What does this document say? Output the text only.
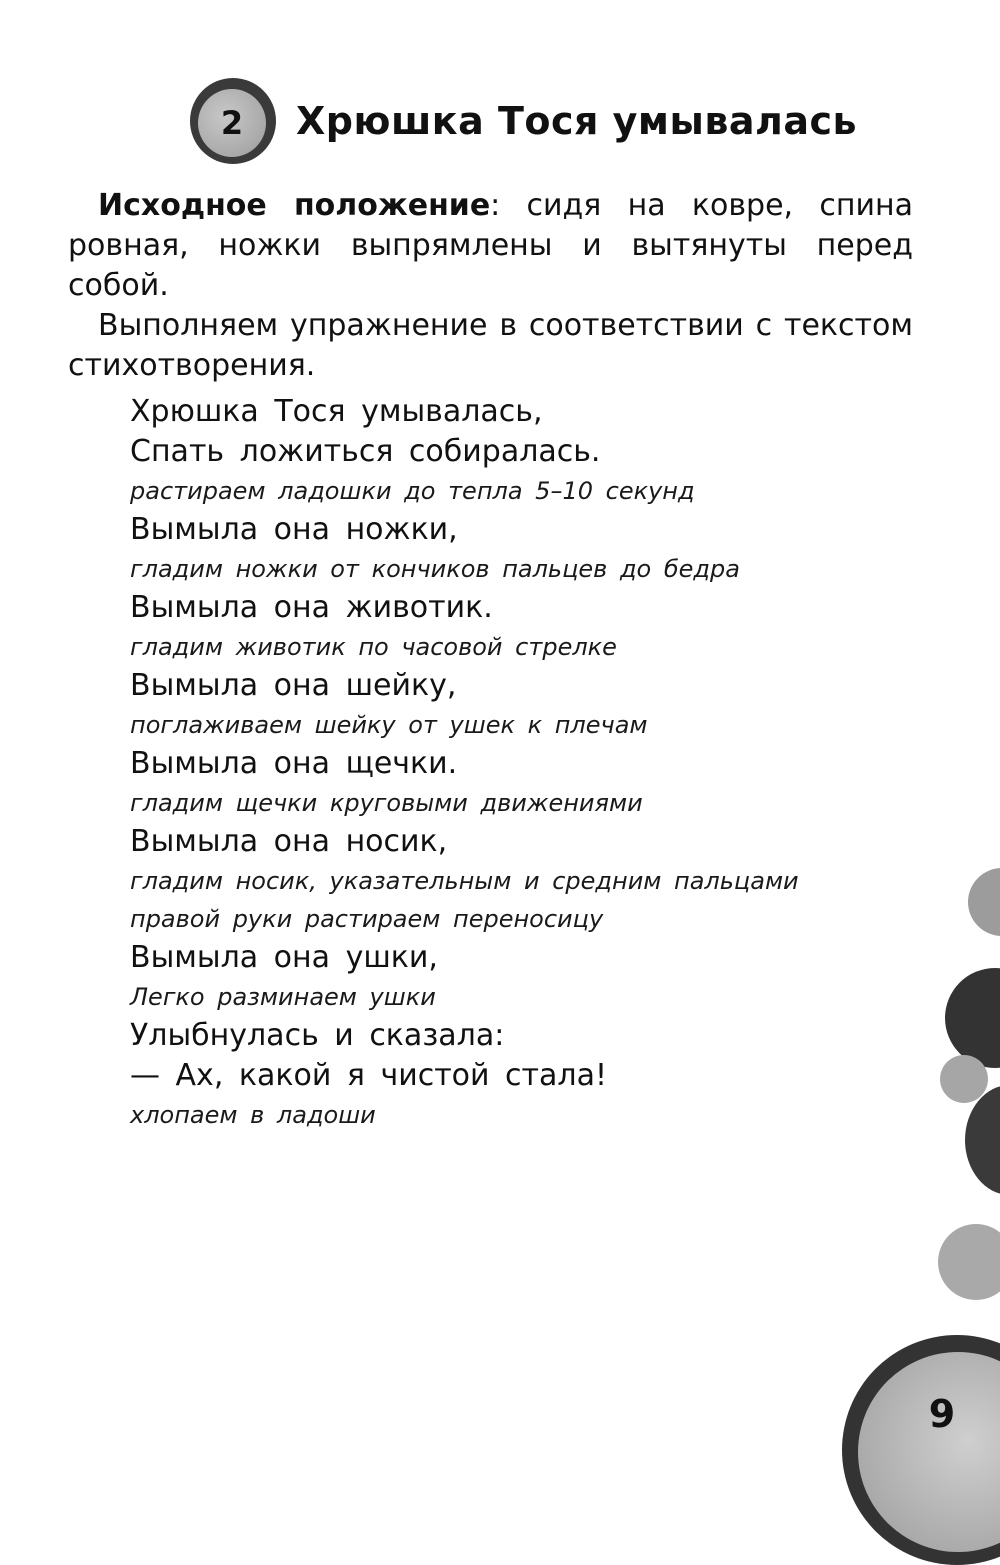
2	Хрюшка Тося умывалась

Исходное положение: сидя на ковре, спина ровная, ножки выпрямлены и вытянуты перед собой.

Выполняем упражнение в соответствии с текстом стихотворения.

Хрюшка Тося умывалась,
Спать ложиться собиралась.
растираем ладошки до тепла 5–10 секунд
Вымыла она ножки,
гладим ножки от кончиков пальцев до бедра
Вымыла она животик.
гладим животик по часовой стрелке
Вымыла она шейку,
поглаживаем шейку от ушек к плечам
Вымыла она щечки.
гладим щечки круговыми движениями
Вымыла она носик,
гладим носик, указательным и средним пальцами
правой руки растираем переносицу
Вымыла она ушки,
Легко разминаем ушки
Улыбнулась и сказала:
— Ах, какой я чистой стала!
хлопаем в ладоши
9
